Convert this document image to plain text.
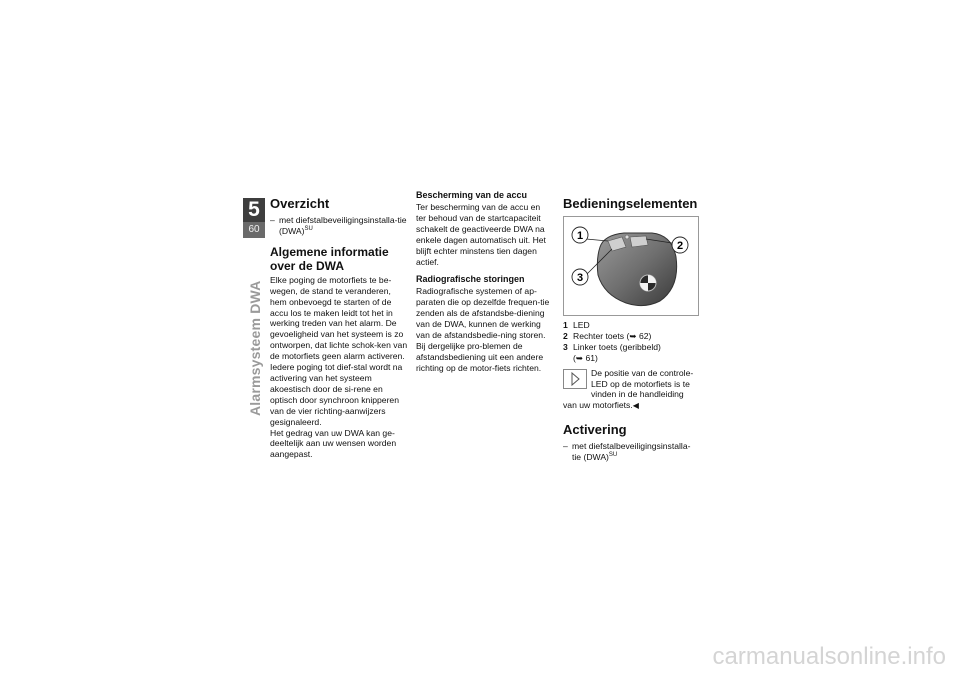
5
60
Alarmsysteem DWA
Overzicht
– met diefstalbeveiligingsinstalla-tie (DWA)$^{SU}$
Algemene informatie over de DWA

Elke poging de motorfiets te be-wegen, de stand te veranderen, hem onbevoegd te starten of de accu los te maken leidt tot het in werking treden van het alarm. De gevoeligheid van het systeem is zo ontworpen, dat lichte schok-ken van de motorfiets geen alarm activeren. Iedere poging tot dief-stal wordt na activering van het systeem akoestisch door de si-rene en optisch door synchroon knipperen van de vier richting-aanwijzers gesignaleerd.

Het gedrag van uw DWA kan ge-deeltelijk aan uw wensen worden aangepast.

Bescherming van de accu

Ter bescherming van de accu en ter behoud van de startcapaciteit schakelt de geactiveerde DWA na enkele dagen automatisch uit. Het blijft echter minstens tien dagen actief.

Radiografische storingen

Radiografische systemen of ap-paraten die op dezelfde frequen-tie zenden als de afstandsbe-diening van de DWA, kunnen de werking van de afstandsbedie-ning storen. Bij dergelijke pro-blemen de afstandsbediening uit een andere richting op de motor-fiets richten.

Bedieningselementen
1
2
3
1 LED
2 Rechter toets (➥ 62)
3 Linker toets (geribbeld)
(➥ 61)
De positie van de controle-LED op de motorfiets is te vinden in de handleiding van uw motorfiets.◀
Activering
– met diefstalbeveiligingsinstalla-tie (DWA)$^{SU}$
carmanualsonline.info
